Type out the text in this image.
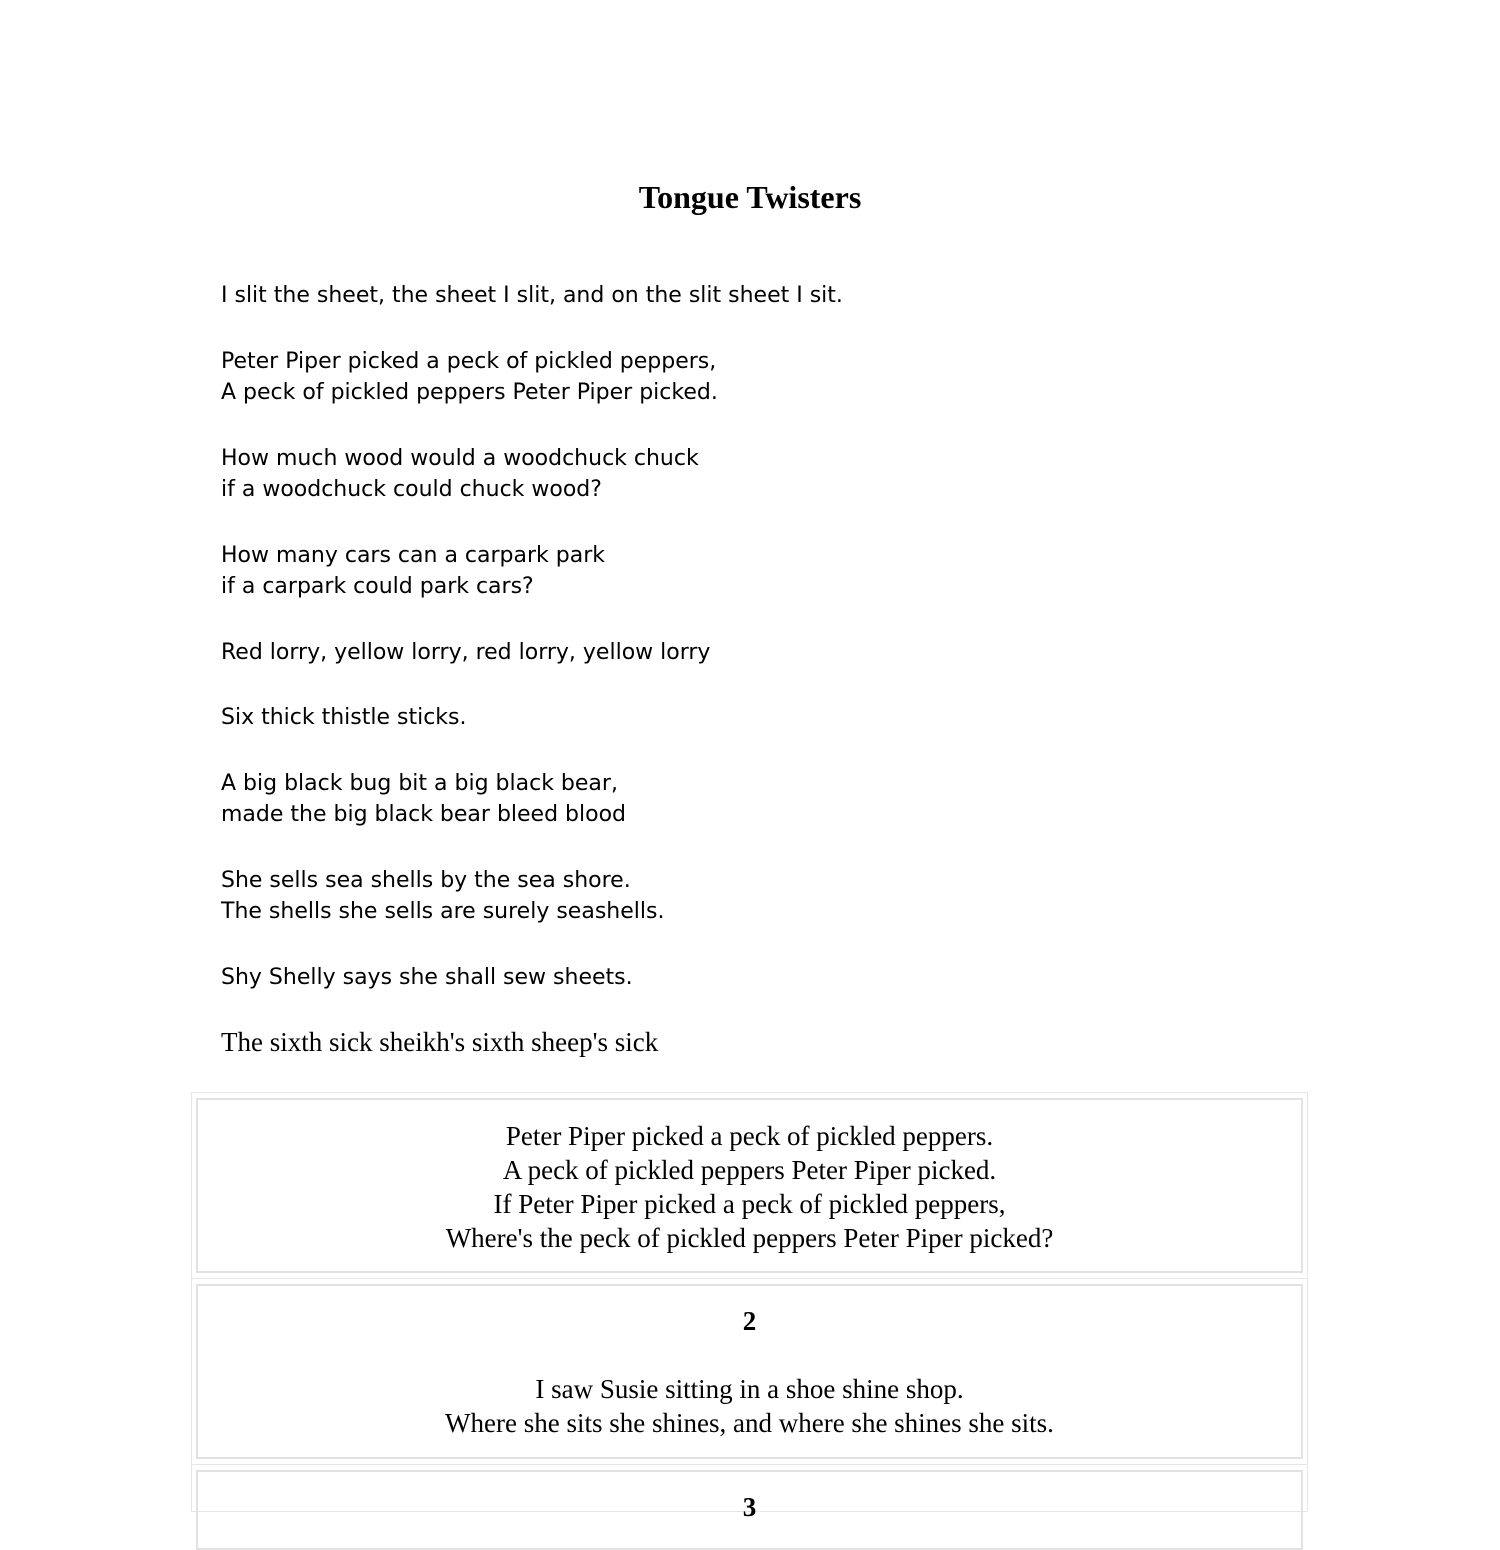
Tongue Twisters

I slit the sheet, the sheet I slit, and on the slit sheet I sit.

Peter Piper picked a peck of pickled peppers,
A peck of pickled peppers Peter Piper picked.

How much wood would a woodchuck chuck
if a woodchuck could chuck wood?

How many cars can a carpark park
if a carpark could park cars?

Red lorry, yellow lorry, red lorry, yellow lorry

Six thick thistle sticks.

A big black bug bit a big black bear,
made the big black bear bleed blood

She sells sea shells by the sea shore.
The shells she sells are surely seashells.

Shy Shelly says she shall sew sheets.

The sixth sick sheikh's sixth sheep's sick

Peter Piper picked a peck of pickled peppers.
A peck of pickled peppers Peter Piper picked.
If Peter Piper picked a peck of pickled peppers,
Where's the peck of pickled peppers Peter Piper picked?
2
I saw Susie sitting in a shoe shine shop.
Where she sits she shines, and where she shines she sits.
3
